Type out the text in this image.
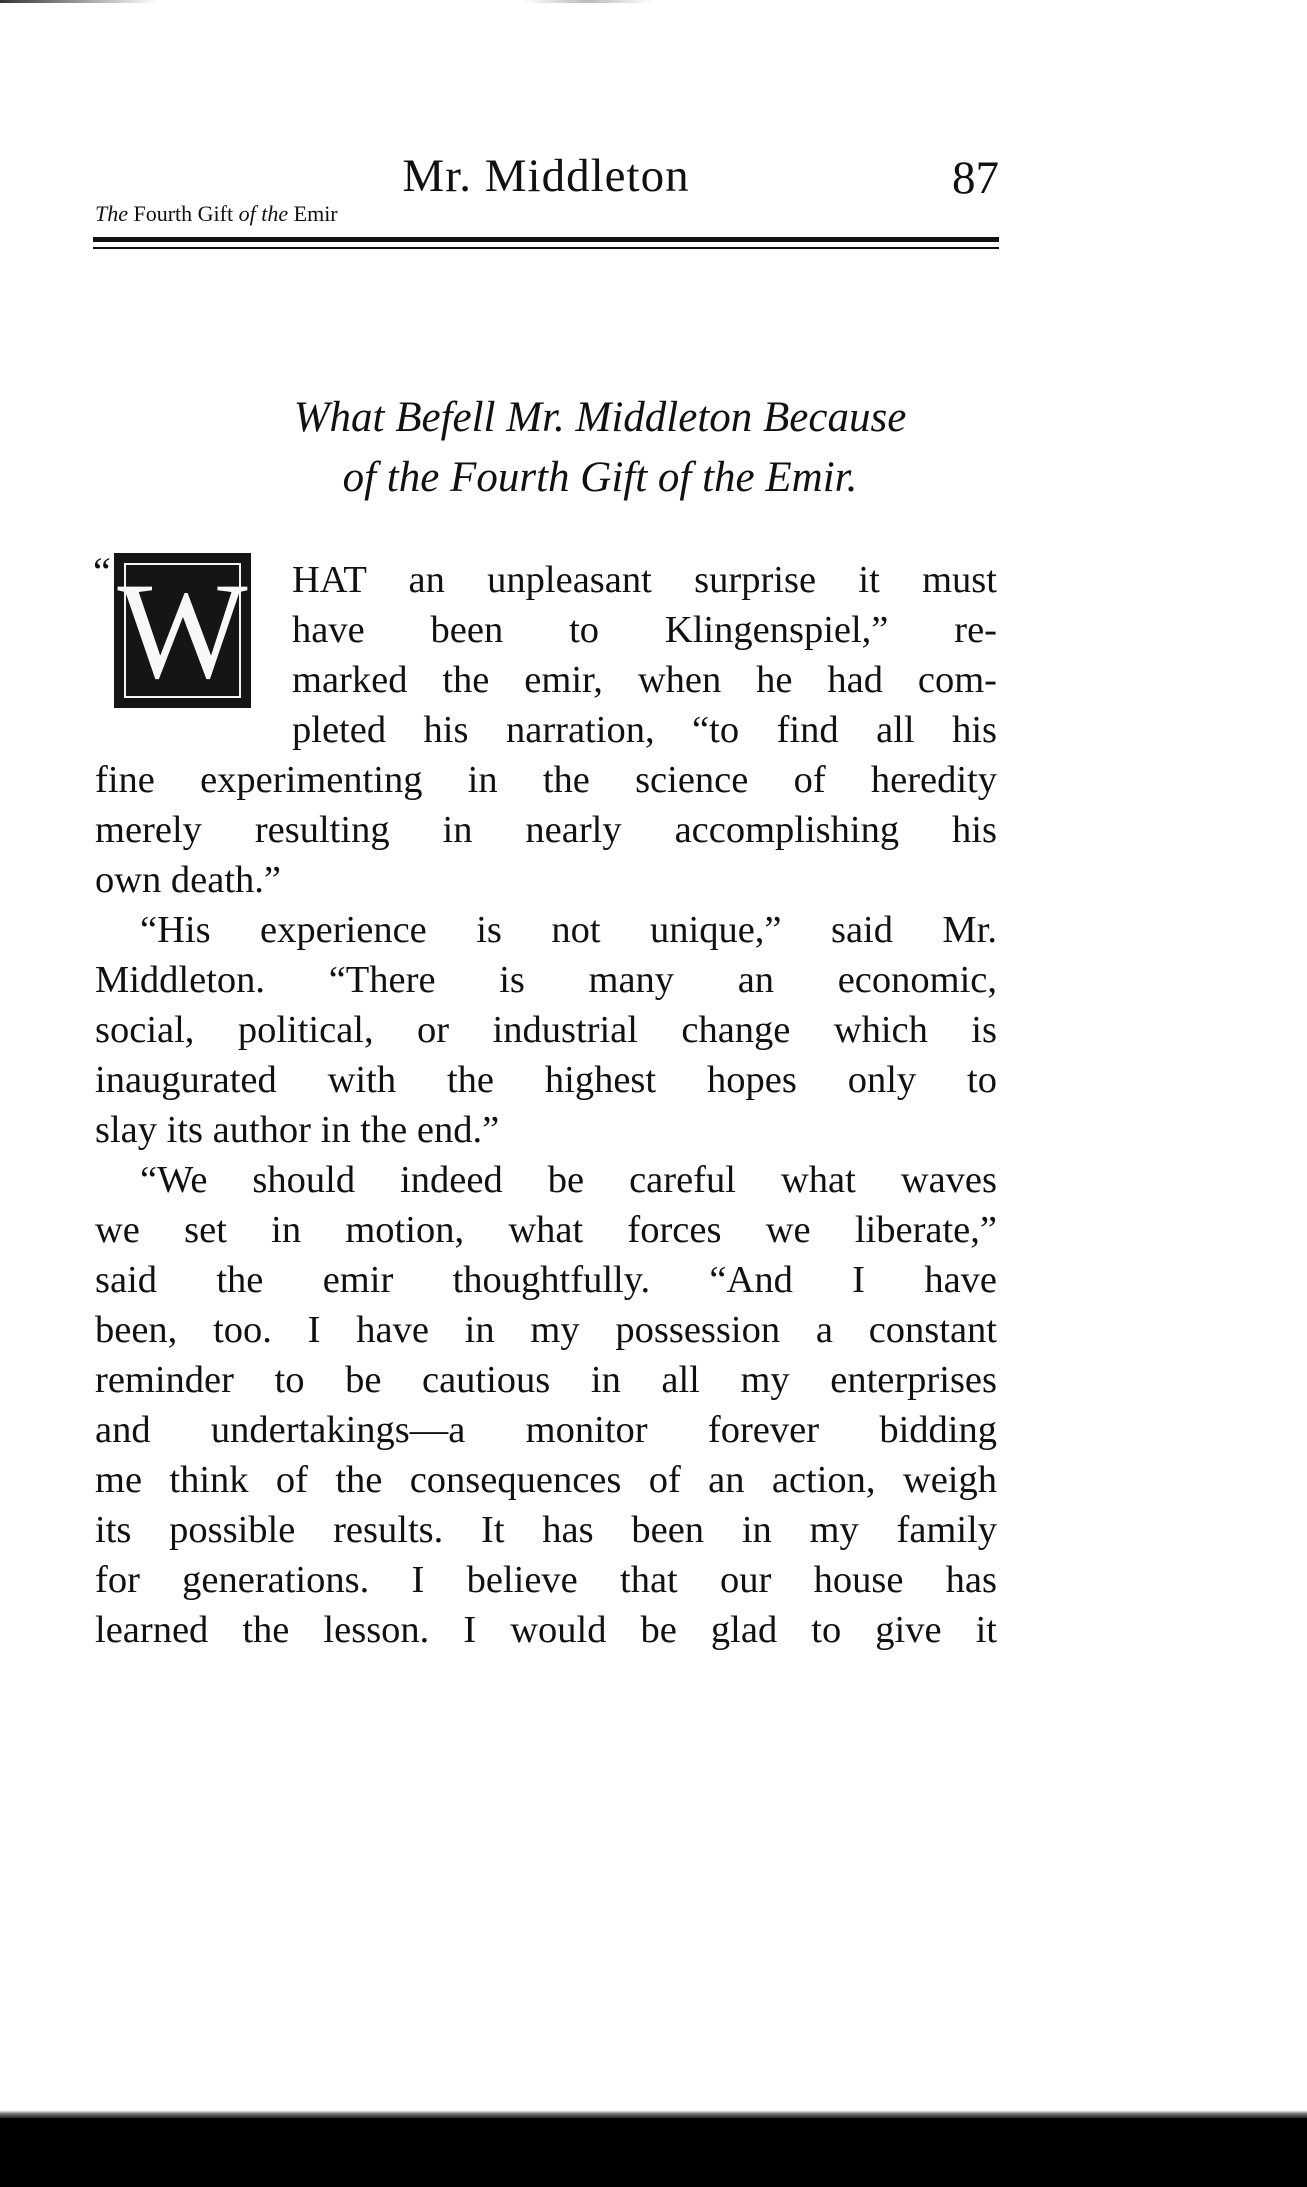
Mr. Middleton	87
The Fourth Gift of the Emir
What Befell Mr. Middleton Because
of the Fourth Gift of the Emir.
“ W HAT an unpleasant surprise it must
have been to Klingenspiel,” re-
marked the emir, when he had com-
pleted his narration, “to find all his
fine experimenting in the science of heredity
merely resulting in nearly accomplishing his
own death.”
“His experience is not unique,” said Mr.
Middleton. “There is many an economic,
social, political, or industrial change which is
inaugurated with the highest hopes only to
slay its author in the end.”
“We should indeed be careful what waves
we set in motion, what forces we liberate,”
said the emir thoughtfully. “And I have
been, too. I have in my possession a constant
reminder to be cautious in all my enterprises
and undertakings—a monitor forever bidding
me think of the consequences of an action, weigh
its possible results. It has been in my family
for generations. I believe that our house has
learned the lesson. I would be glad to give it
